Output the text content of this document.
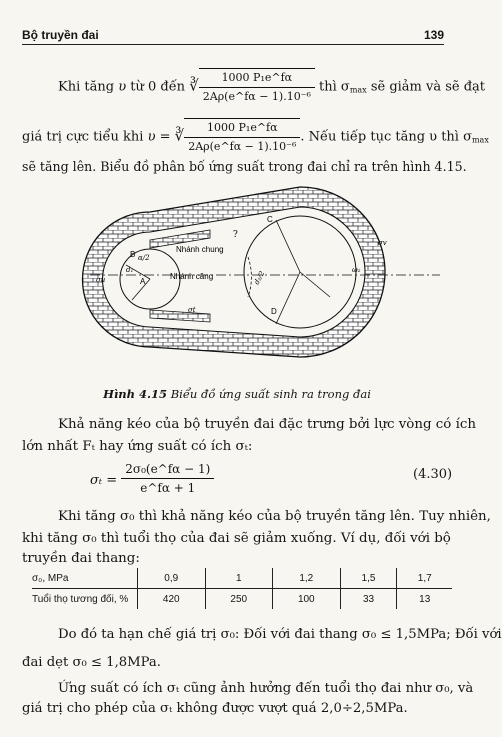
Bộ truyền đai	139
Khi tăng υ từ 0 đến ∛ $\frac{\text{1000 P₁e\textasciicircum{}fα}}{\text{2Aρ(e\textasciicircum{}fα − 1).10⁻⁶}}$ thì $\sigma_{max}$ sẽ giảm và sẽ đạt
giá trị cực tiểu khi υ = ∛ $\frac{\text{1000 P₁e\textasciicircum{}fα}}{\text{2Aρ(e\textasciicircum{}fα − 1).10⁻⁶}}$ . Nếu tiếp tục tăng υ thì $\sigma_{max}$
sẽ tăng lên. Biểu đồ phân bố ứng suất trong đai chỉ ra trên hình 4.15.
Nhánh chung
Nhánh căng
C
D
A
B α/2
d₁	d₂/2	ω₂
σv
σt
σu
?
Hình 4.15 Biểu đồ ứng suất sinh ra trong đai
Khả năng kéo của bộ truyền đai đặc trưng bởi lực vòng có ích
lớn nhất Fₜ hay ứng suất có ích σₜ:
$\sigma_t = \frac{\text{2σ₀(e\textasciicircum{}fα − 1)}}{e\^{}f\alpha + 1}$	(4.30)
Khi tăng σ₀ thì khả năng kéo của bộ truyền tăng lên. Tuy nhiên,
khi tăng σ₀ thì tuổi thọ của đai sẽ giảm xuống. Ví dụ, đối với bộ
truyền đai thang:
σ₀, MPa	0,9	1	1,2	1,5	1,7
Tuổi thọ tương đối, %	420	250	100	33	13
Do đó ta hạn chế giá trị σ₀: Đối với đai thang σ₀ ≤ 1,5MPa; Đối với
đai dẹt σ₀ ≤ 1,8MPa.
Ứng suất có ích σₜ cũng ảnh hưởng đến tuổi thọ đai như σ₀, và
giá trị cho phép của σₜ không được vượt quá 2,0÷2,5MPa.
